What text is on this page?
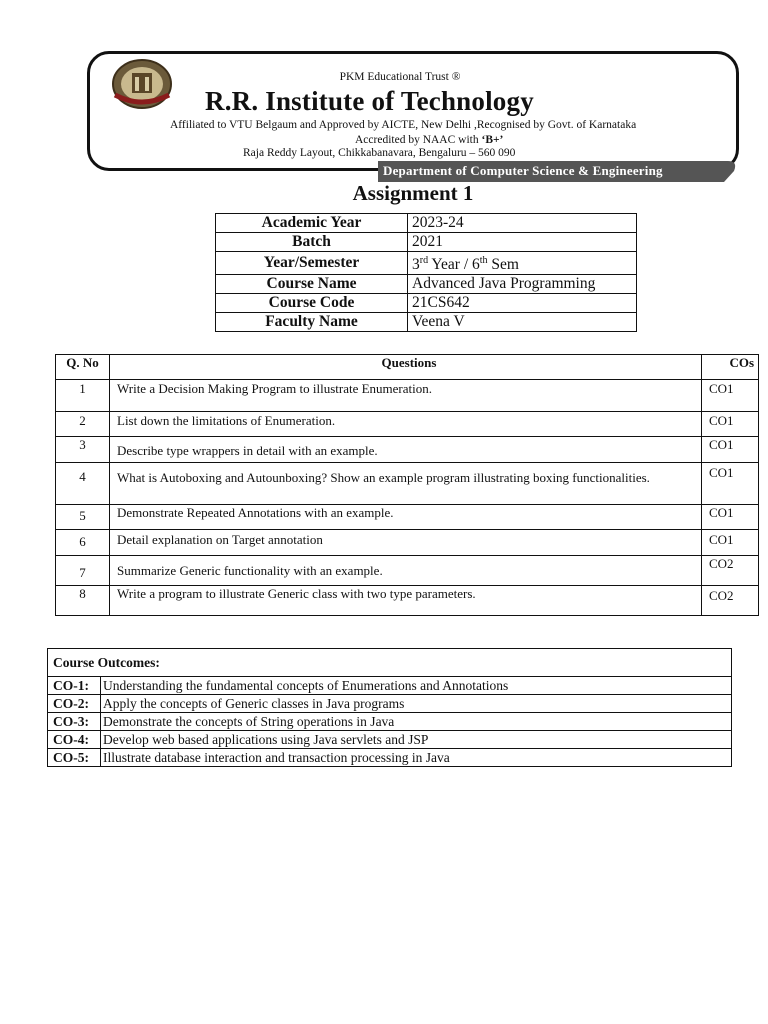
PKM Educational Trust ®
R.R. Institute of Technology
Affiliated to VTU Belgaum and Approved by AICTE, New Delhi ,Recognised by Govt. of Karnataka
Accredited by NAAC with ‘B+’
Raja Reddy Layout, Chikkabanavara, Bengaluru – 560 090
Department of Computer Science & Engineering
Assignment 1
Academic Year	2023-24
Batch	2021
Year/Semester	3rd Year / 6th Sem
Course Name	Advanced Java Programming
Course Code	21CS642
Faculty Name	Veena V
Q. No	Questions	COs
1	Write a Decision Making Program to illustrate Enumeration.	CO1
2	List down the limitations of Enumeration.	CO1
3	Describe type wrappers in detail with an example.	CO1
4	What is Autoboxing and Autounboxing? Show an example program illustrating boxing functionalities.	CO1
5	Demonstrate Repeated Annotations with an example.	CO1
6	Detail explanation on Target annotation	CO1
7	Summarize Generic functionality with an example.	CO2
8	Write a program to illustrate Generic class with two type parameters.	CO2
Course Outcomes:	
CO-1:	Understanding the fundamental concepts of Enumerations and Annotations
CO-2:	Apply the concepts of Generic classes in Java programs
CO-3:	Demonstrate the concepts of String operations in Java
CO-4:	Develop web based applications using Java servlets and JSP
CO-5:	Illustrate database interaction and transaction processing in Java
